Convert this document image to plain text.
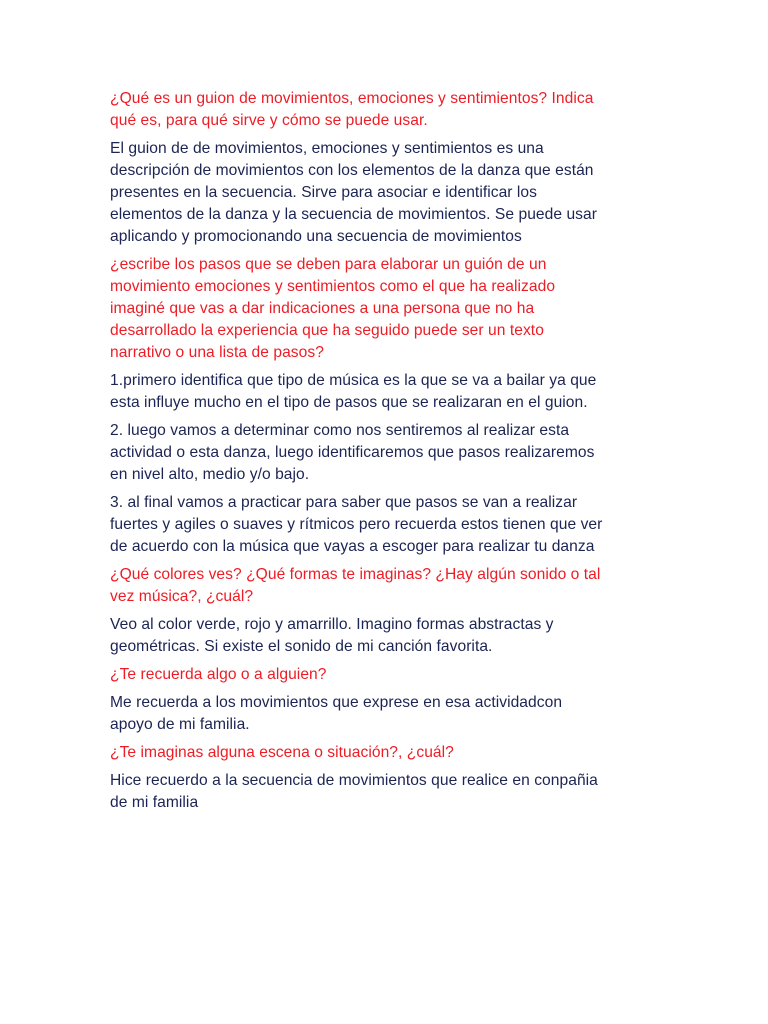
¿Qué es un guion de movimientos, emociones y sentimientos? Indica
qué es, para qué sirve y cómo se puede usar.

El guion de de movimientos, emociones y sentimientos es una
descripción de movimientos con los elementos de la danza que están
presentes en la secuencia. Sirve para asociar e identificar los
elementos de la danza y la secuencia de movimientos. Se puede usar
aplicando y promocionando una secuencia de movimientos

¿escribe los pasos que se deben para elaborar un guión de un
movimiento emociones y sentimientos como el que ha realizado
imaginé que vas a dar indicaciones a una persona que no ha
desarrollado la experiencia que ha seguido puede ser un texto
narrativo o una lista de pasos?

1.primero identifica que tipo de música es la que se va a bailar ya que
esta influye mucho en el tipo de pasos que se realizaran en el guion.

2. luego vamos a determinar como nos sentiremos al realizar esta
actividad o esta danza, luego identificaremos que pasos realizaremos
en nivel alto, medio y/o bajo.

3. al final vamos a practicar para saber que pasos se van a realizar
fuertes y agiles o suaves y rítmicos pero recuerda estos tienen que ver
de acuerdo con la música que vayas a escoger para realizar tu danza

¿Qué colores ves? ¿Qué formas te imaginas? ¿Hay algún sonido o tal
vez música?, ¿cuál?

Veo al color verde, rojo y amarrillo. Imagino formas abstractas y
geométricas. Si existe el sonido de mi canción favorita.

¿Te recuerda algo o a alguien?

Me recuerda a los movimientos que exprese en esa actividadcon
apoyo de mi familia.

¿Te imaginas alguna escena o situación?, ¿cuál?

Hice recuerdo a la secuencia de movimientos que realice en conpañia
de mi familia
